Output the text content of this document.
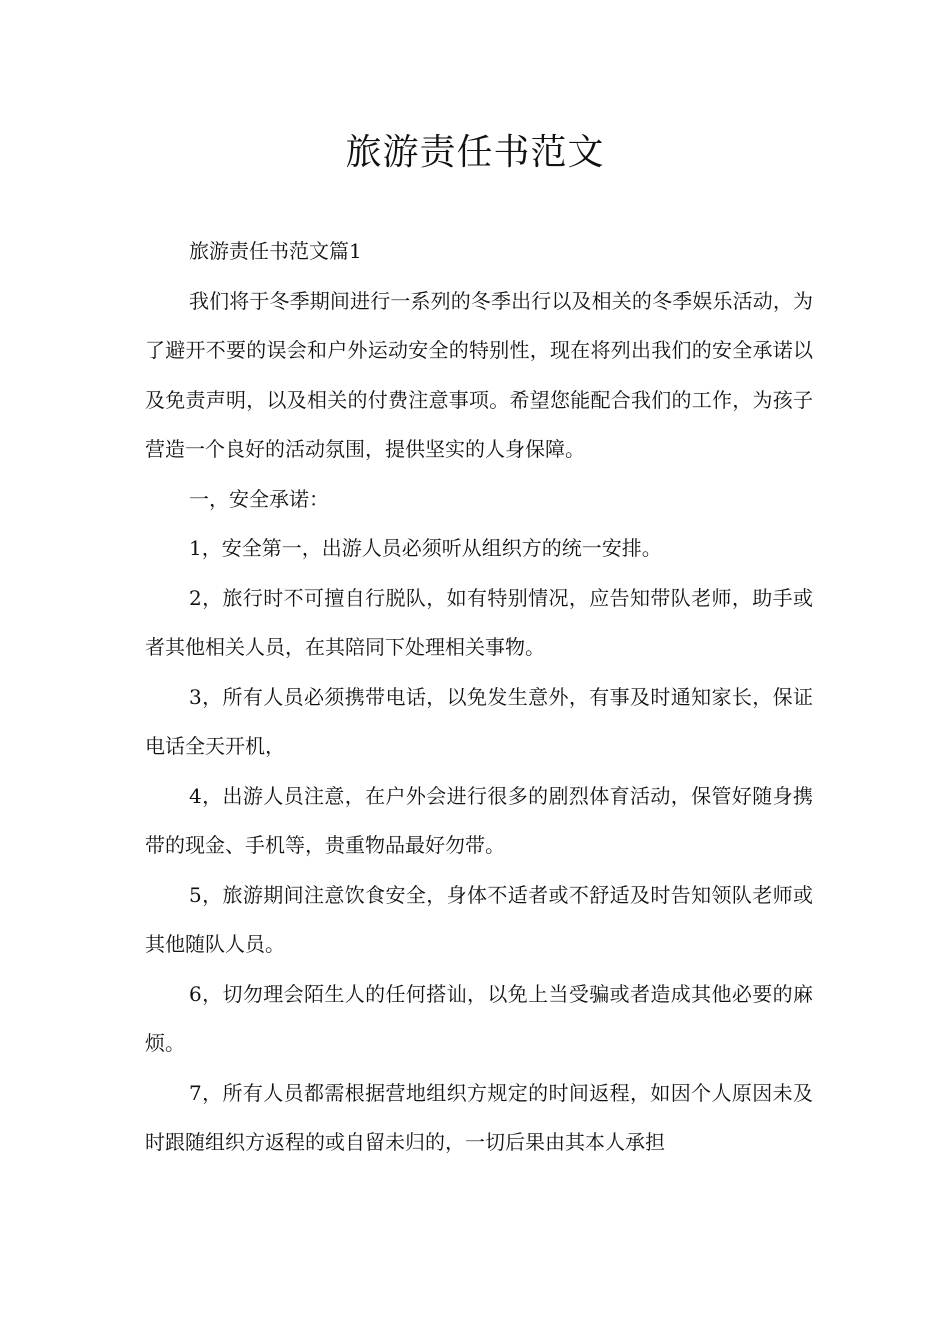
旅游责任书范文

旅游责任书范文篇1

我们将于冬季期间进行一系列的冬季出行以及相关的冬季娱乐活动，为了避开不要的误会和户外运动安全的特别性，现在将列出我们的安全承诺以及免责声明，以及相关的付费注意事项。希望您能配合我们的工作，为孩子营造一个良好的活动氛围，提供坚实的人身保障。

一，安全承诺：

1，安全第一，出游人员必须听从组织方的统一安排。

2，旅行时不可擅自行脱队，如有特别情况，应告知带队老师，助手或者其他相关人员，在其陪同下处理相关事物。

3，所有人员必须携带电话，以免发生意外，有事及时通知家长，保证电话全天开机，

4，出游人员注意，在户外会进行很多的剧烈体育活动，保管好随身携带的现金、手机等，贵重物品最好勿带。

5，旅游期间注意饮食安全，身体不适者或不舒适及时告知领队老师或其他随队人员。

6，切勿理会陌生人的任何搭讪，以免上当受骗或者造成其他必要的麻烦。

7，所有人员都需根据营地组织方规定的时间返程，如因个人原因未及时跟随组织方返程的或自留未归的，一切后果由其本人承担
